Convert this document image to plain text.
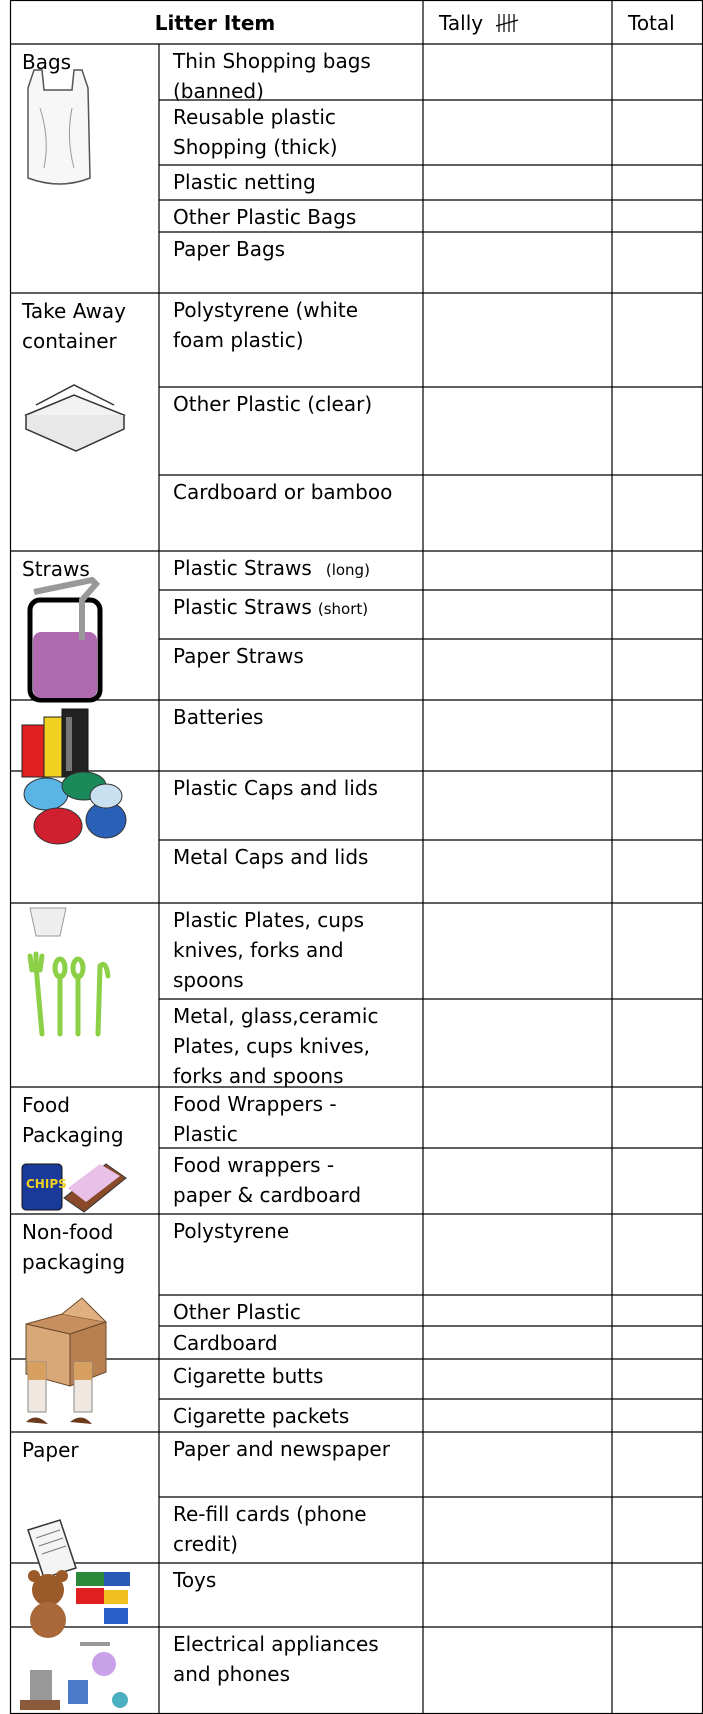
Litter Item	Tally	Total
Bags
Take Away
container
Straws
Food
Packaging
Non-food
packaging
Paper
CHIPS
Thin Shopping bags
(banned)
Reusable plastic
Shopping (thick)
Plastic netting
Other Plastic Bags
Paper Bags
Polystyrene (white
foam plastic)
Other Plastic (clear)
Cardboard or bamboo
Plastic Straws (long)
Plastic Straws (short)
Paper Straws
Batteries
Plastic Caps and lids
Metal Caps and lids
Plastic Plates, cups
knives, forks and
spoons
Metal, glass,ceramic
Plates, cups knives,
forks and spoons
Food Wrappers -
Plastic
Food wrappers -
paper & cardboard
Polystyrene
Other Plastic
Cardboard
Cigarette butts
Cigarette packets
Paper and newspaper
Re-fill cards (phone
credit)
Toys
Electrical appliances
and phones
